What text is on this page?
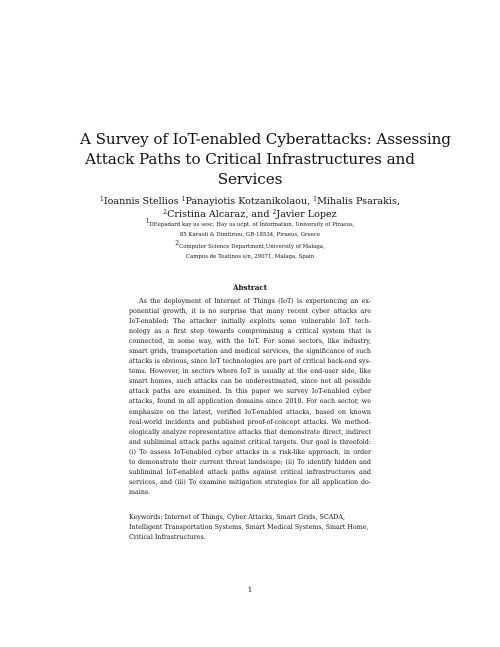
A Survey of IoT-enabled Cyberattacks: Assessing
Attack Paths to Critical Infrastructures and
Services
$^1$Ioannis Stellios $^1$Panayiotis Kotzanikolaou, $^1$Mihalis Psarakis,
$^2$Cristina Alcaraz, and $^2$Javier Lopez
$^1$DEepadard kay us sesc. Hay us ucpt. of Information, University of Piraeus,
85 Karaoli & Dimitriou, GR-18534, Piraeus, Greece
$^2$Computer Science Department,University of Malaga,
Campus de Teatinos s/n, 29071, Malaga, Spain
Abstract
As the deployment of Internet of Things (IoT) is experiencing an ex-
ponential growth, it is no surprise that many recent cyber attacks are
IoT-enabled: The attacker initially exploits some vulnerable IoT tech-
nology as a first step towards compromising a critical system that is
connected, in some way, with the IoT. For some sectors, like industry,
smart grids, transportation and medical services, the significance of such
attacks is obvious, since IoT technologies are part of critical back-end sys-
tems. However, in sectors where IoT is usually at the end-user side, like
smart homes, such attacks can be underestimated, since not all possible
attack paths are examined. In this paper we survey IoT-enabled cyber
attacks, found in all application domains since 2010. For each sector, we
emphasize on the latest, verified IoT-enabled attacks, based on known
real-world incidents and published proof-of-concept attacks. We method-
ologically analyze representative attacks that demonstrate direct, indirect
and subliminal attack paths against critical targets. Our goal is threefold:
(i) To assess IoT-enabled cyber attacks in a risk-like approach, in order
to demonstrate their current threat landscape; (ii) To identify hidden and
subliminal IoT-enabled attack paths against critical infrastructures and
services, and (iii) To examine mitigation strategies for all application do-
mains.
Keywords: Internet of Things, Cyber Attacks, Smart Grids, SCADA,
Intelligent Transportation Systems, Smart Medical Systems, Smart Home,
Critical Infrastructures.
1
